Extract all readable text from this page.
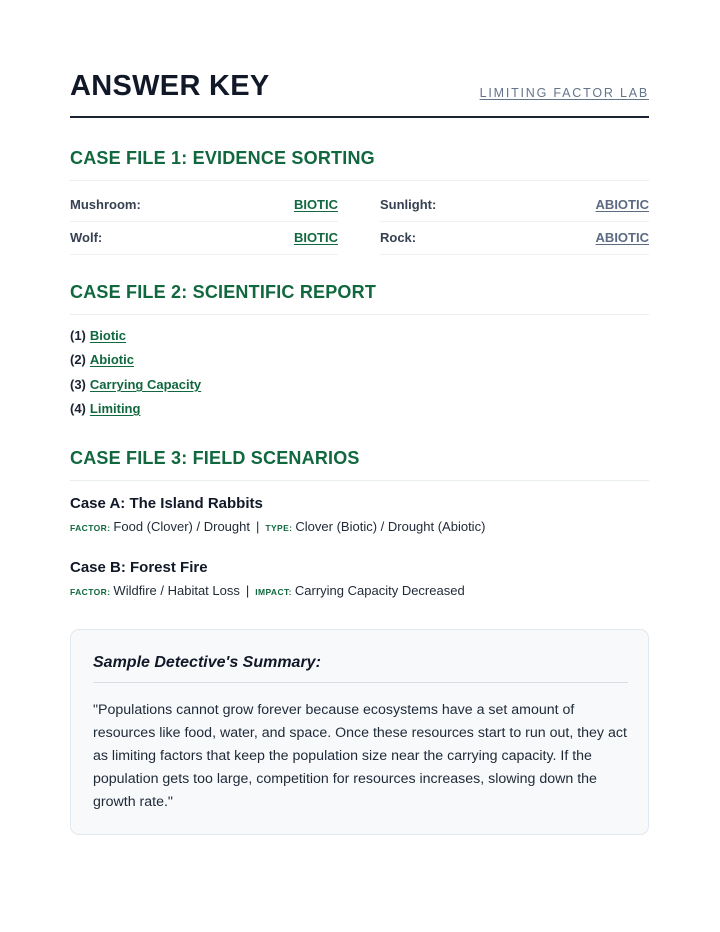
ANSWER KEY	LIMITING FACTOR LAB
CASE FILE 1: EVIDENCE SORTING
Mushroom:	BIOTIC	Sunlight:	ABIOTIC
Wolf:	BIOTIC	Rock:	ABIOTIC
CASE FILE 2: SCIENTIFIC REPORT
(1) Biotic
(2) Abiotic
(3) Carrying Capacity
(4) Limiting
CASE FILE 3: FIELD SCENARIOS
Case A: The Island Rabbits
FACTOR: Food (Clover) / Drought | TYPE: Clover (Biotic) / Drought (Abiotic)
Case B: Forest Fire
FACTOR: Wildfire / Habitat Loss | IMPACT: Carrying Capacity Decreased
Sample Detective's Summary:
"Populations cannot grow forever because ecosystems have a set amount of resources like food, water, and space. Once these resources start to run out, they act as limiting factors that keep the population size near the carrying capacity. If the population gets too large, competition for resources increases, slowing down the growth rate."
